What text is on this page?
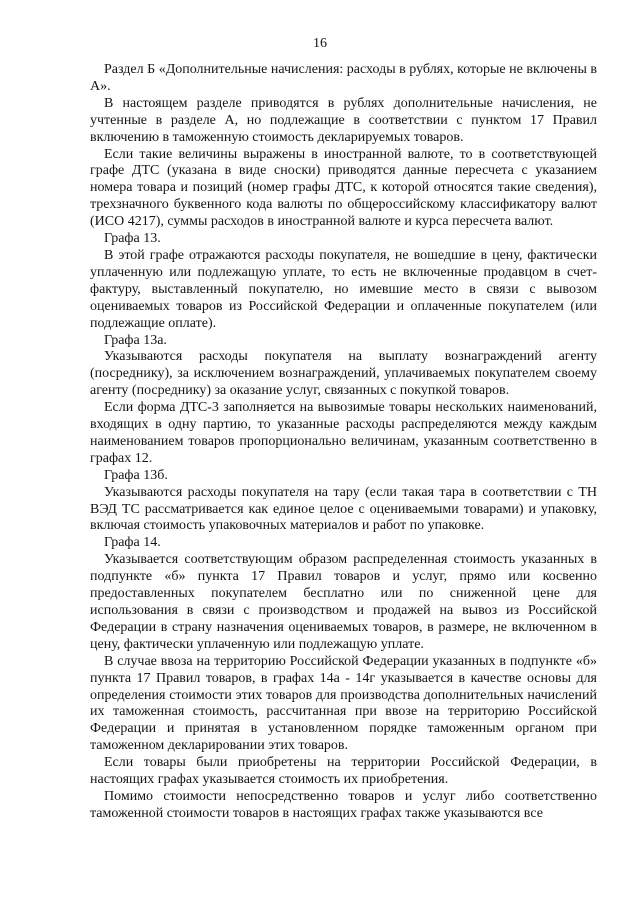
16

Раздел Б «Дополнительные начисления: расходы в рублях, которые не включены в А».

В настоящем разделе приводятся в рублях дополнительные начисления, не учтенные в разделе А, но подлежащие в соответствии с пунктом 17 Правил включению в таможенную стоимость декларируемых товаров.

Если такие величины выражены в иностранной валюте, то в соответствующей графе ДТС (указана в виде сноски) приводятся данные пересчета с указанием номера товара и позиций (номер графы ДТС, к которой относятся такие сведения), трехзначного буквенного кода валюты по общероссийскому классификатору валют (ИСО 4217), суммы расходов в иностранной валюте и курса пересчета валют.

Графа 13.

В этой графе отражаются расходы покупателя, не вошедшие в цену, фактически уплаченную или подлежащую уплате, то есть не включенные продавцом в счет-фактуру, выставленный покупателю, но имевшие место в связи с вывозом оцениваемых товаров из Российской Федерации и оплаченные покупателем (или подлежащие оплате).

Графа 13а.

Указываются расходы покупателя на выплату вознаграждений агенту (посреднику), за исключением вознаграждений, уплачиваемых покупателем своему агенту (посреднику) за оказание услуг, связанных с покупкой товаров.

Если форма ДТС-3 заполняется на вывозимые товары нескольких наименований, входящих в одну партию, то указанные расходы распределяются между каждым наименованием товаров пропорционально величинам, указанным соответственно в графах 12.

Графа 13б.

Указываются расходы покупателя на тару (если такая тара в соответствии с ТН ВЭД ТС рассматривается как единое целое с оцениваемыми товарами) и упаковку, включая стоимость упаковочных материалов и работ по упаковке.

Графа 14.

Указывается соответствующим образом распределенная стоимость указанных в подпункте «б» пункта 17 Правил товаров и услуг, прямо или косвенно предоставленных покупателем бесплатно или по сниженной цене для использования в связи с производством и продажей на вывоз из Российской Федерации в страну назначения оцениваемых товаров, в размере, не включенном в цену, фактически уплаченную или подлежащую уплате.

В случае ввоза на территорию Российской Федерации указанных в подпункте «б» пункта 17 Правил товаров, в графах 14а - 14г указывается в качестве основы для определения стоимости этих товаров для производства дополнительных начислений их таможенная стоимость, рассчитанная при ввозе на территорию Российской Федерации и принятая в установленном порядке таможенным органом при таможенном декларировании этих товаров.

Если товары были приобретены на территории Российской Федерации, в настоящих графах указывается стоимость их приобретения.

Помимо стоимости непосредственно товаров и услуг либо соответственно таможенной стоимости товаров в настоящих графах также указываются все
